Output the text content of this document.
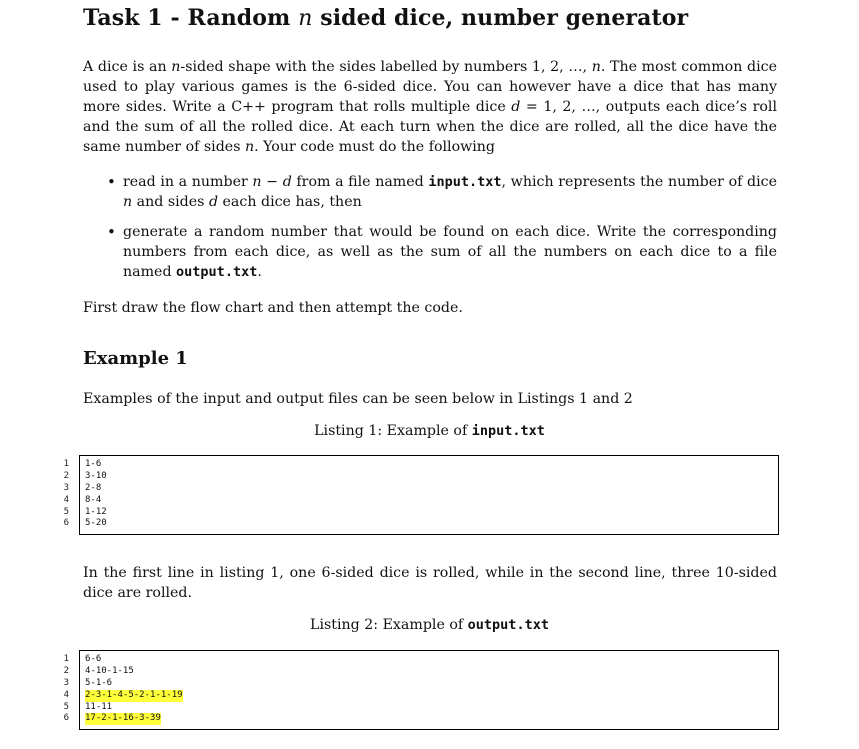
Task 1 - Random n sided dice, number generator

A dice is an n-sided shape with the sides labelled by numbers 1, 2, …, n. The most common dice used to play various games is the 6-sided dice. You can however have a dice that has many more sides. Write a C++ program that rolls multiple dice d = 1, 2, …, outputs each dice’s roll and the sum of all the rolled dice. At each turn when the dice are rolled, all the dice have the same number of sides n. Your code must do the following

• read in a number n − d from a file named input.txt, which represents the number of dice n and sides d each dice has, then
• generate a random number that would be found on each dice. Write the corresponding numbers from each dice, as well as the sum of all the numbers on each dice to a file named output.txt.

First draw the flow chart and then attempt the code.

Example 1

Examples of the input and output files can be seen below in Listings 1 and 2

Listing 1: Example of input.txt

1 1-6
2 3-10
3 2-8
4 8-4
5 1-12
6 5-20

In the first line in listing 1, one 6-sided dice is rolled, while in the second line, three 10-sided dice are rolled.

Listing 2: Example of output.txt

1 6-6
2 4-10-1-15
3 5-1-6
4 2-3-1-4-5-2-1-1-19
5 11-11
6 17-2-1-16-3-39
